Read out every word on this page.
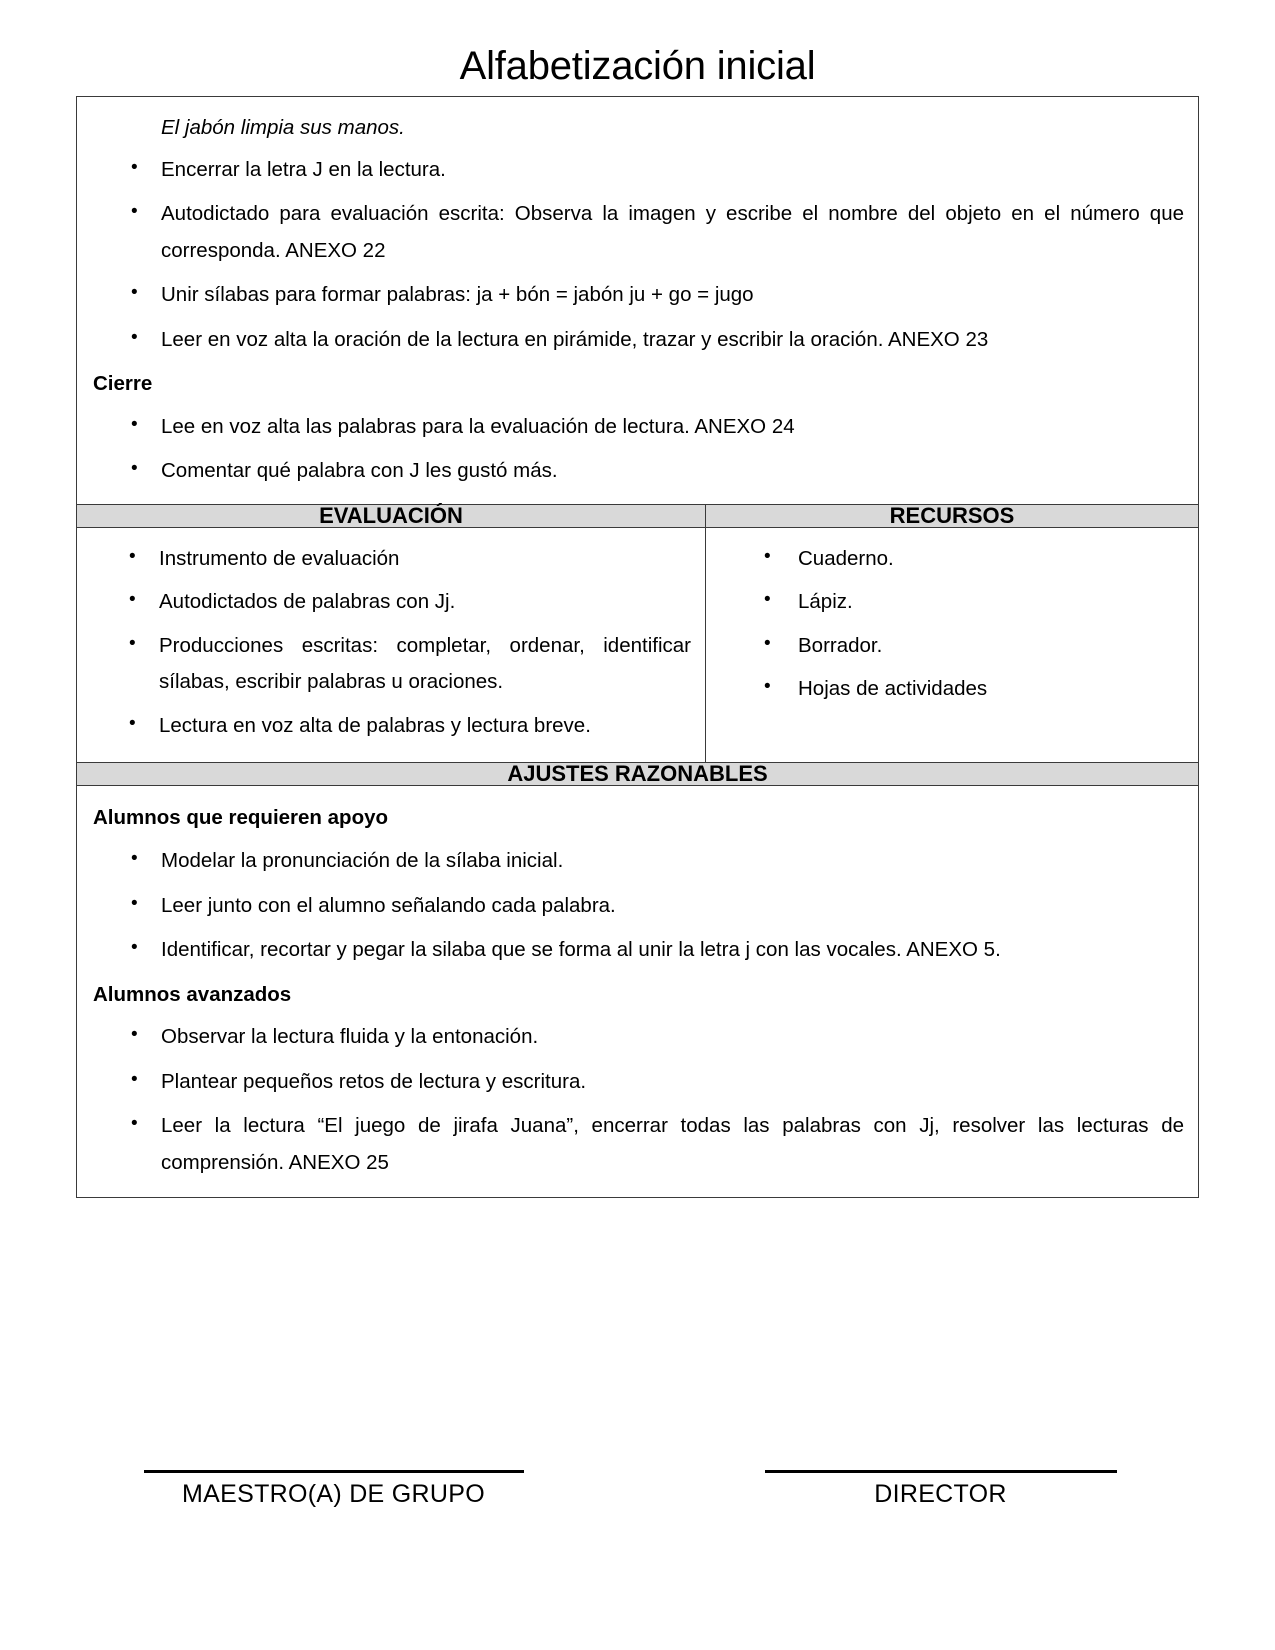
Alfabetización inicial
El jabón limpia sus manos.
• Encerrar la letra J en la lectura.
• Autodictado para evaluación escrita: Observa la imagen y escribe el nombre del objeto en el número que corresponda. ANEXO 22
• Unir sílabas para formar palabras: ja + bón = jabón ju + go = jugo
• Leer en voz alta la oración de la lectura en pirámide, trazar y escribir la oración. ANEXO 23
Cierre
• Lee en voz alta las palabras para la evaluación de lectura. ANEXO 24
• Comentar qué palabra con J les gustó más.

EVALUACIÓN	RECURSOS

• Instrumento de evaluación
• Autodictados de palabras con Jj.
• Producciones escritas: completar, ordenar, identificar sílabas, escribir palabras u oraciones.
• Lectura en voz alta de palabras y lectura breve.

• Cuaderno.
• Lápiz.
• Borrador.
• Hojas de actividades

AJUSTES RAZONABLES	

Alumnos que requieren apoyo
• Modelar la pronunciación de la sílaba inicial.
• Leer junto con el alumno señalando cada palabra.
• Identificar, recortar y pegar la silaba que se forma al unir la letra j con las vocales. ANEXO 5.
Alumnos avanzados
• Observar la lectura fluida y la entonación.
• Plantear pequeños retos de lectura y escritura.
• Leer la lectura “El juego de jirafa Juana”, encerrar todas las palabras con Jj, resolver las lecturas de comprensión. ANEXO 25
MAESTRO(A) DE GRUPO	DIRECTOR
